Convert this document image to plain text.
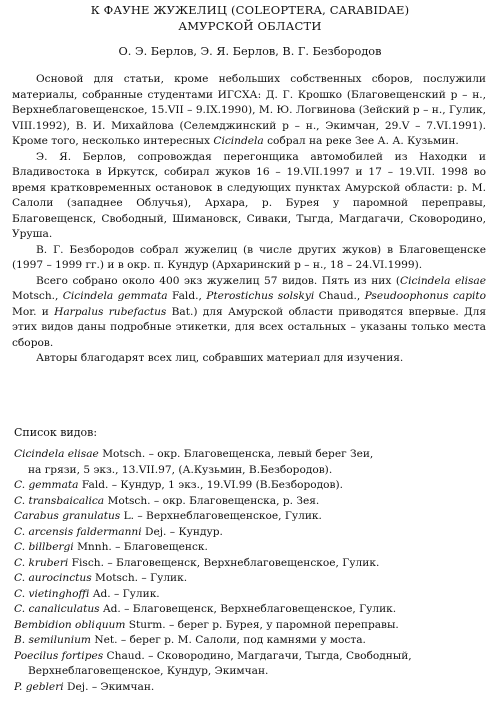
К ФАУНЕ ЖУЖЕЛИЦ (COLEOPTERA, CARABIDAE)
АМУРСКОЙ ОБЛАСТИ
О. Э. Берлов, Э. Я. Берлов, В. Г. Безбородов

Основой для статьи, кроме небольших собственных сборов, послужили материалы, собранные студентами ИГСХА: Д. Г. Крошко (Благовещенский р – н., Верхнеблаговещенское, 15.VII – 9.IX.1990), М. Ю. Логвинова (Зейский р – н., Гулик, VIII.1992), В. И. Михайлова (Селемджинский р – н., Экимчан, 29.V – 7.VI.1991). Кроме того, несколько интересных Cicindela собрал на реке Зее А. А. Кузьмин.

Э. Я. Берлов, сопровождая перегонщика автомобилей из Находки и Владивостока в Иркутск, собирал жуков 16 – 19.VII.1997 и 17 – 19.VII. 1998 во время кратковременных остановок в следующих пунктах Амурской области: р. М. Салоли (западнее Облучья), Архара, р. Бурея у паромной переправы, Благовещенск, Свободный, Шимановск, Сиваки, Тыгда, Магдагачи, Сковородино, Уруша.

В. Г. Безбородов собрал жужелиц (в числе других жуков) в Благовещенске (1997 – 1999 гг.) и в окр. п. Кундур (Архаринский р – н., 18 – 24.VI.1999).

Всего собрано около 400 экз жужелиц 57 видов. Пять из них (Cicindela elisae Motsch., Cicindela gemmata Fald., Pterostichus solskyi Chaud., Pseudoophonus capito Mor. и Harpalus rubefactus Bat.) для Амурской области приводятся впервые. Для этих видов даны подробные этикетки, для всех остальных – указаны только места сборов.

Авторы благодарят всех лиц, собравших материал для изучения.

Список видов:
Cicindela elisae Motsch. – окр. Благовещенска, левый берег Зеи,
на грязи, 5 экз., 13.VII.97, (А.Кузьмин, В.Безбородов).
C. gemmata Fald. – Кундур, 1 экз., 19.VI.99 (В.Безбородов).
C. transbaicalica Motsch. – окр. Благовещенска, р. Зея.
Carabus granulatus L. – Верхнеблаговещенское, Гулик.
C. arcensis faldermanni Dej. – Кундур.
C. billbergi Mnnh. – Благовещенск.
C. kruberi Fisch. – Благовещенск, Верхнеблаговещенское, Гулик.
C. aurocinctus Motsch. – Гулик.
C. vietinghoffi Ad. – Гулик.
C. canaliculatus Ad. – Благовещенск, Верхнеблаговещенское, Гулик.
Bembidion obliquum Sturm. – берег р. Бурея, у паромной переправы.
B. semilunium Net. – берег р. М. Салоли, под камнями у моста.
Poecilus fortipes Chaud. – Сковородино, Магдагачи, Тыгда, Свободный,
Верхнеблаговещенское, Кундур, Экимчан.
P. gebleri Dej. – Экимчан.
